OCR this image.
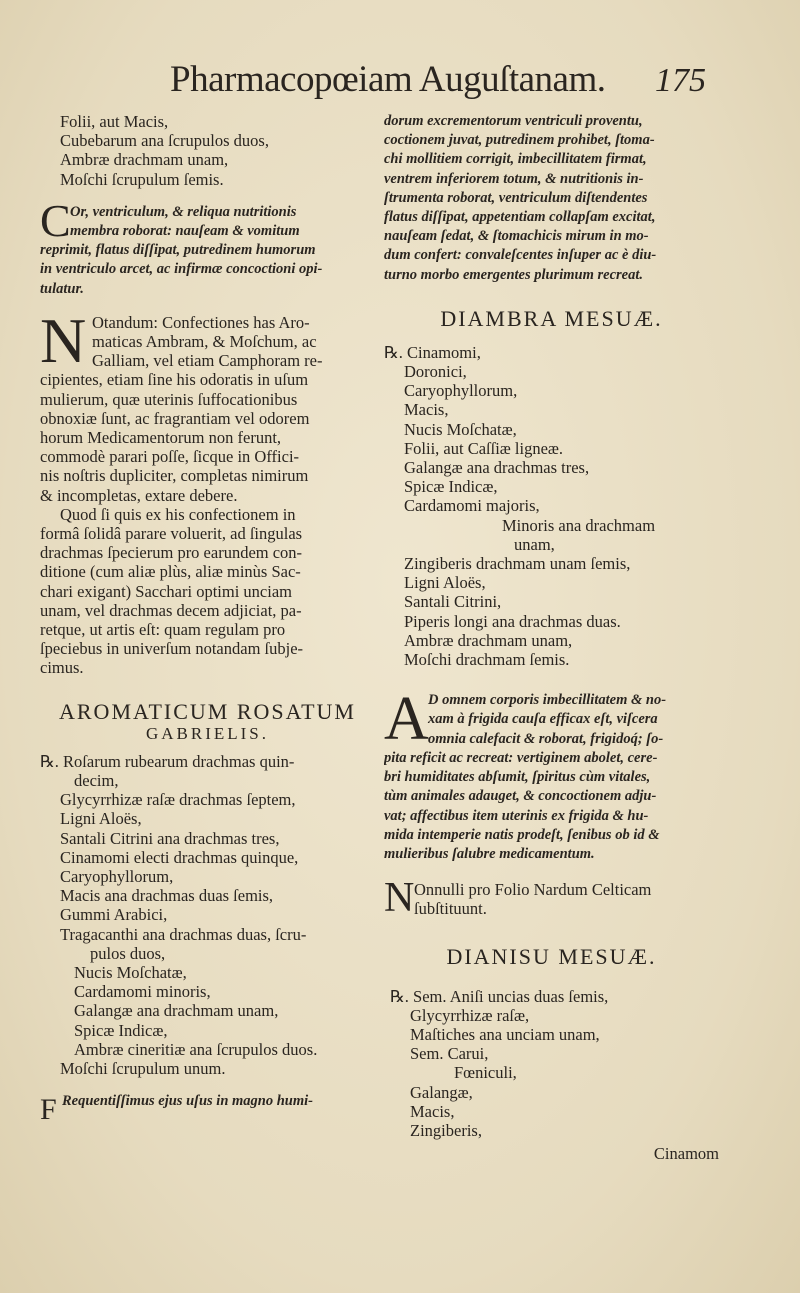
Pharmacopœiam Auguſtanam. 175
Folii, aut Macis,
Cubebarum ana ſcrupulos duos,
Ambræ drachmam unam,
Moſchi ſcrupulum ſemis.
C Or, ventriculum, & reliqua nutritionis
membra roborat: nauſeam & vomitum
reprimit, flatus diſſipat, putredinem humorum
in ventriculo arcet, ac infirmæ concoctioni opi-
tulatur.
N Otandum: Confectiones has Aro-
maticas Ambram, & Moſchum, ac
Galliam, vel etiam Camphoram re-
cipientes, etiam ſine his odoratis in uſum
mulierum, quæ uterinis ſuffocationibus
obnoxiæ ſunt, ac fragrantiam vel odorem
horum Medicamentorum non ferunt,
commodè parari poſſe, ſicque in Offici-
nis noſtris dupliciter, completas nimirum
& incompletas, extare debere.
Quod ſi quis ex his confectionem in
formâ ſolidâ parare voluerit, ad ſingulas
drachmas ſpecierum pro earundem con-
ditione (cum aliæ plùs, aliæ minùs Sac-
chari exigant) Sacchari optimi unciam
unam, vel drachmas decem adjiciat, pa-
retque, ut artis eſt: quam regulam pro
ſpeciebus in univerſum notandam ſubje-
cimus.
AROMATICUM ROSATUM
GABRIELIS.
℞. Roſarum rubearum drachmas quin-
decim,
Glycyrrhizæ raſæ drachmas ſeptem,
Ligni Aloës,
Santali Citrini ana drachmas tres,
Cinamomi electi drachmas quinque,
Caryophyllorum,
Macis ana drachmas duas ſemis,
Gummi Arabici,
Tragacanthi ana drachmas duas, ſcru-
pulos duos,
Nucis Moſchatæ,
Cardamomi minoris,
Galangæ ana drachmam unam,
Spicæ Indicæ,
Ambræ cineritiæ ana ſcrupulos duos.
Moſchi ſcrupulum unum.
F Requentiſſimus ejus uſus in magno humi-
dorum excrementorum ventriculi proventu,
coctionem juvat, putredinem prohibet, ſtoma-
chi mollitiem corrigit, imbecillitatem firmat,
ventrem inferiorem totum, & nutritionis in-
ſtrumenta roborat, ventriculum diſtendentes
flatus diſſipat, appetentiam collapſam excitat,
nauſeam ſedat, & ſtomachicis mirum in mo-
dum confert: convaleſcentes inſuper ac è diu-
turno morbo emergentes plurimum recreat.
DIAMBRA MESUÆ.
℞. Cinamomi,
Doronici,
Caryophyllorum,
Macis,
Nucis Moſchatæ,
Folii, aut Caſſiæ ligneæ.
Galangæ ana drachmas tres,
Spicæ Indicæ,
Cardamomi majoris,
Minoris ana drachmam
unam,
Zingiberis drachmam unam ſemis,
Ligni Aloës,
Santali Citrini,
Piperis longi ana drachmas duas.
Ambræ drachmam unam,
Moſchi drachmam ſemis.
A D omnem corporis imbecillitatem & no-
xam à frigida cauſa efficax eſt, viſcera
omnia calefacit & roborat, frigidoq́; ſo-
pita reficit ac recreat: vertiginem abolet, cere-
bri humiditates abſumit, ſpiritus cùm vitales,
tùm animales adauget, & concoctionem adju-
vat; affectibus item uterinis ex frigida & hu-
mida intemperie natis prodeſt, ſenibus ob id &
mulieribus ſalubre medicamentum.
N Onnulli pro Folio Nardum Celticam
ſubſtituunt.
DIANISU MESUÆ.
℞. Sem. Aniſi uncias duas ſemis,
Glycyrrhizæ raſæ,
Maſtiches ana unciam unam,
Sem. Carui,
Fœniculi,
Galangæ,
Macis,
Zingiberis,
Cinamom
